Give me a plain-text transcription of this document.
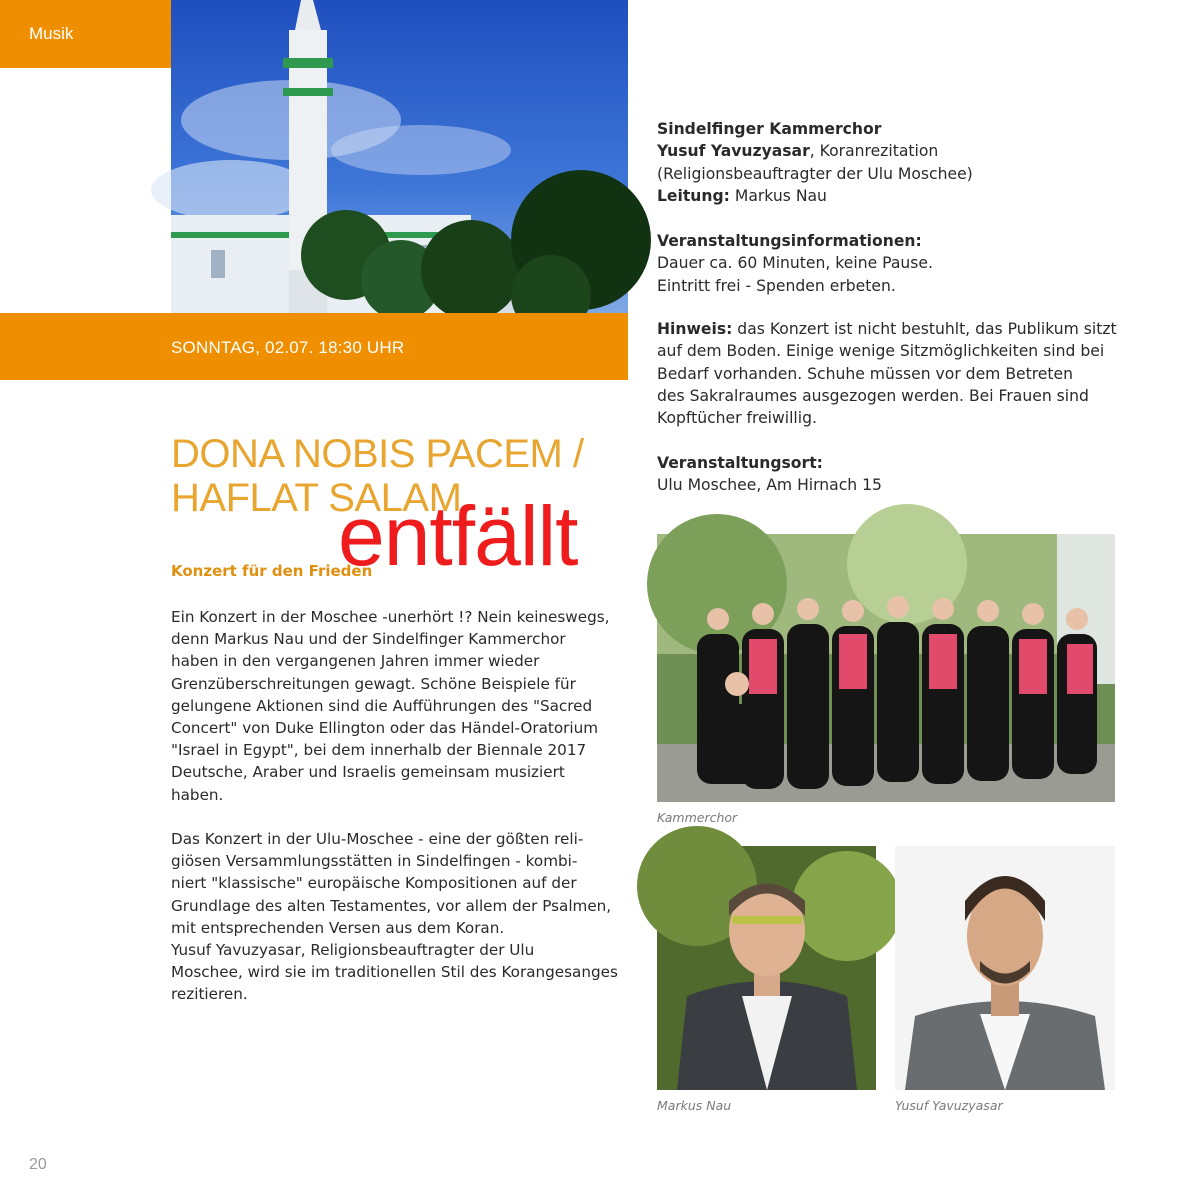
Musik
SONNTAG, 02.07. 18:30 UHR
DONA NOBIS PACEM /
HAFLAT SALAM
Konzert für den Frieden
entfällt

Ein Konzert in der Moschee -unerhört !? Nein keineswegs,
denn Markus Nau und der Sindelfinger Kammerchor
haben in den vergangenen Jahren immer wieder
Grenzüberschreitungen gewagt. Schöne Beispiele für
gelungene Aktionen sind die Aufführungen des "Sacred
Concert" von Duke Ellington oder das Händel-Oratorium
"Israel in Egypt", bei dem innerhalb der Biennale 2017
Deutsche, Araber und Israelis gemeinsam musiziert
haben.

Das Konzert in der Ulu-Moschee - eine der gößten reli-
giösen Versammlungsstätten in Sindelfingen - kombi-
niert "klassische" europäische Kompositionen auf der
Grundlage des alten Testamentes, vor allem der Psalmen,
mit entsprechenden Versen aus dem Koran.
Yusuf Yavuzyasar, Religionsbeauftragter der Ulu
Moschee, wird sie im traditionellen Stil des Korangesanges
rezitieren.

Sindelfinger Kammerchor

Yusuf Yavuzyasar, Koranrezitation

(Religionsbeauftragter der Ulu Moschee)

Leitung: Markus Nau

Veranstaltungsinformationen:

Dauer ca. 60 Minuten, keine Pause.

Eintritt frei - Spenden erbeten.

Hinweis: das Konzert ist nicht bestuhlt, das Publikum sitzt

auf dem Boden. Einige wenige Sitzmöglichkeiten sind bei

Bedarf vorhanden. Schuhe müssen vor dem Betreten

des Sakralraumes ausgezogen werden. Bei Frauen sind

Kopftücher freiwillig.

Veranstaltungsort:

Ulu Moschee, Am Hirnach 15

Kammerchor
Markus Nau	Yusuf Yavuzyasar
20
